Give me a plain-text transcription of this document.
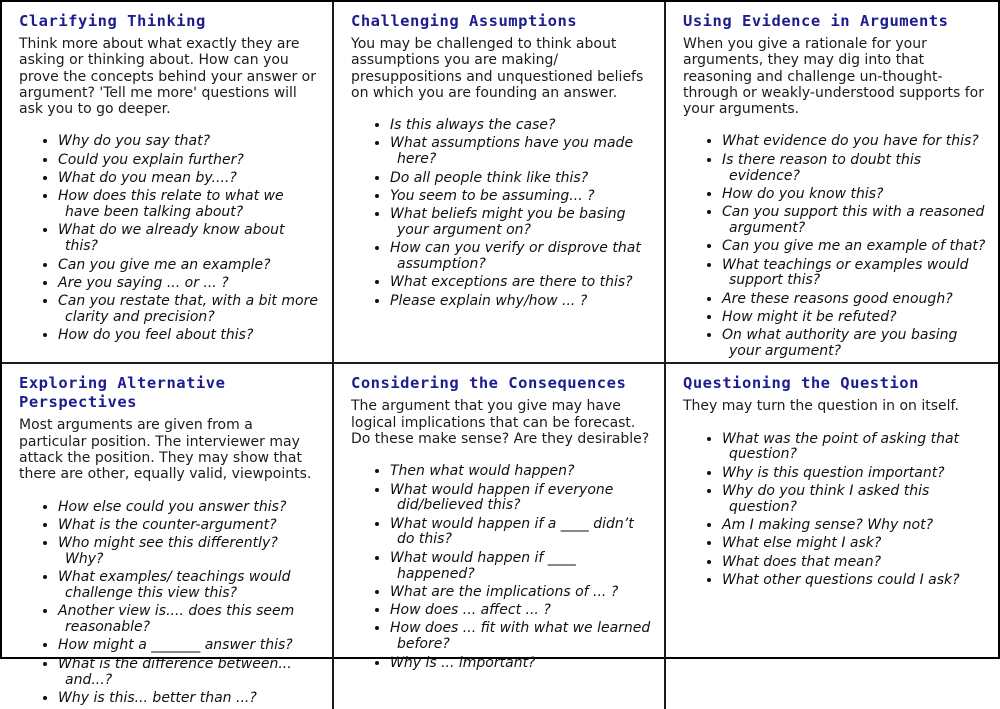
Clarifying Thinking

Think more about what exactly they are asking or thinking about. How can you prove the concepts behind your answer or argument? 'Tell me more' questions will ask you to go deeper.

• Why do you say that?
• Could you explain further?
• What do you mean by....?
• How does this relate to what we have been talking about?
• What do we already know about this?
• Can you give me an example?
• Are you saying ... or ... ?
• Can you restate that, with a bit more clarity and precision?
• How do you feel about this?
Challenging Assumptions

You may be challenged to think about assumptions you are making/ presuppositions and unquestioned beliefs on which you are founding an answer.

• Is this always the case?
• What assumptions have you made here?
• Do all people think like this?
• You seem to be assuming... ?
• What beliefs might you be basing your argument on?
• How can you verify or disprove that assumption?
• What exceptions are there to this?
• Please explain why/how ... ?
Using Evidence in Arguments

When you give a rationale for your arguments, they may dig into that reasoning and challenge un-thought-through or weakly-understood supports for your arguments.

• What evidence do you have for this?
• Is there reason to doubt this evidence?
• How do you know this?
• Can you support this with a reasoned argument?
• Can you give me an example of that?
• What teachings or examples would support this?
• Are these reasons good enough?
• How might it be refuted?
• On what authority are you basing your argument?
Exploring Alternative Perspectives

Most arguments are given from a particular position. The interviewer may attack the position. They may show that there are other, equally valid, viewpoints.

• How else could you answer this?
• What is the counter-argument?
• Who might see this differently? Why?
• What examples/ teachings would challenge this view this?
• Another view is.... does this seem reasonable?
• How might a _______ answer this?
• What is the difference between... and...?
• Why is this... better than ...?
Considering the Consequences

The argument that you give may have logical implications that can be forecast. Do these make sense? Are they desirable?

• Then what would happen?
• What would happen if everyone did/believed this?
• What would happen if a ____ didn’t do this?
• What would happen if ____ happened?
• What are the implications of ... ?
• How does ... affect ... ?
• How does ... fit with what we learned before?
• Why is ... important?
Questioning the Question

They may turn the question in on itself.

• What was the point of asking that question?
• Why is this question important?
• Why do you think I asked this question?
• Am I making sense? Why not?
• What else might I ask?
• What does that mean?
• What other questions could I ask?
